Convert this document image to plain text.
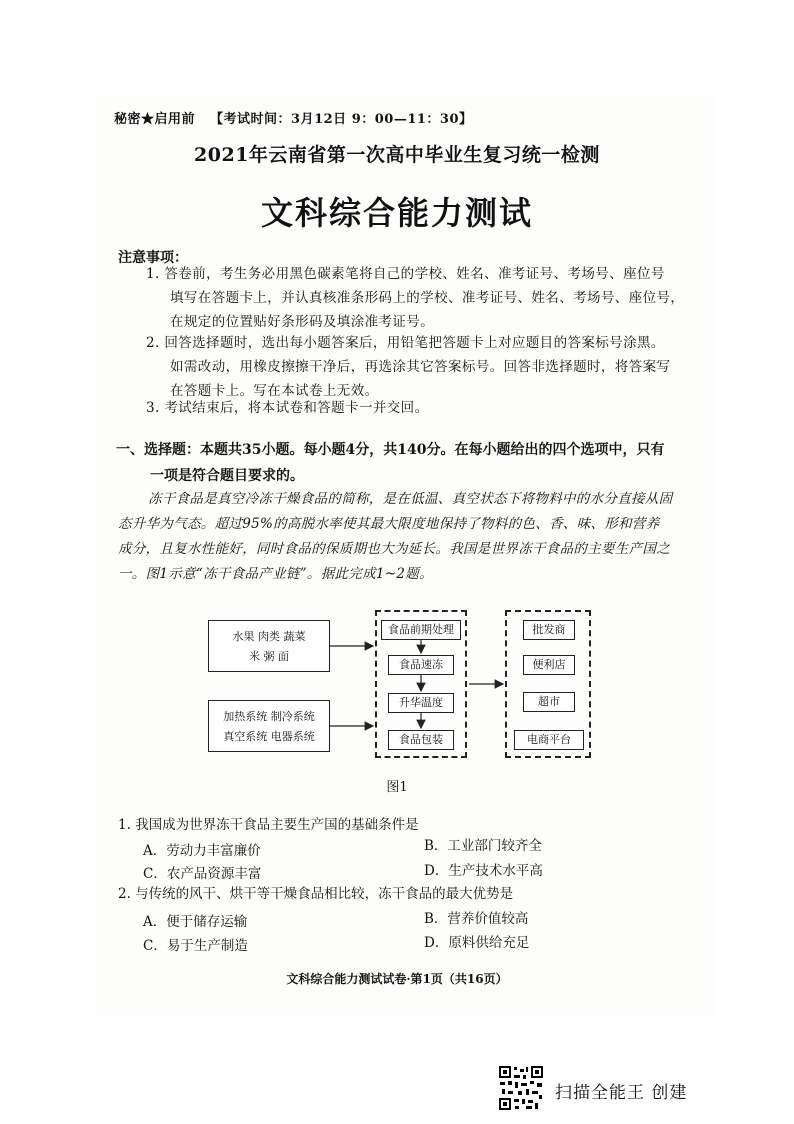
秘密★启用前 【考试时间：3月12日 9：00—11：30】
2021年云南省第一次高中毕业生复习统一检测
文科综合能力测试
注意事项：
1. 答卷前，考生务必用黑色碳素笔将自己的学校、姓名、准考证号、考场号、座位号
填写在答题卡上，并认真核准条形码上的学校、准考证号、姓名、考场号、座位号，
在规定的位置贴好条形码及填涂准考证号。
2. 回答选择题时，选出每小题答案后，用铅笔把答题卡上对应题目的答案标号涂黑。
如需改动，用橡皮擦擦干净后，再选涂其它答案标号。回答非选择题时，将答案写
在答题卡上。写在本试卷上无效。
3. 考试结束后，将本试卷和答题卡一并交回。
一、选择题：本题共35小题。每小题4分，共140分。在每小题给出的四个选项中，只有
一项是符合题目要求的。
冻干食品是真空冷冻干燥食品的简称，是在低温、真空状态下将物料中的水分直接从固
态升华为气态。超过95%的高脱水率使其最大限度地保持了物料的色、香、味、形和营养
成分，且复水性能好，同时食品的保质期也大为延长。我国是世界冻干食品的主要生产国之
一。图1示意“冻干食品产业链”。据此完成1~2题。
水果 肉类 蔬菜
米 粥 面
加热系统 制冷系统
真空系统 电器系统
食品前期处理
食品速冻
升华温度
食品包装
批发商
便利店
超市
电商平台
图1
1. 我国成为世界冻干食品主要生产国的基础条件是
A．劳动力丰富廉价	B．工业部门较齐全
C．农产品资源丰富	D．生产技术水平高
2. 与传统的风干、烘干等干燥食品相比较，冻干食品的最大优势是
A．便于储存运输	B．营养价值较高
C．易于生产制造	D．原料供给充足
文科综合能力测试试卷·第1页（共16页）
扫描全能王 创建
